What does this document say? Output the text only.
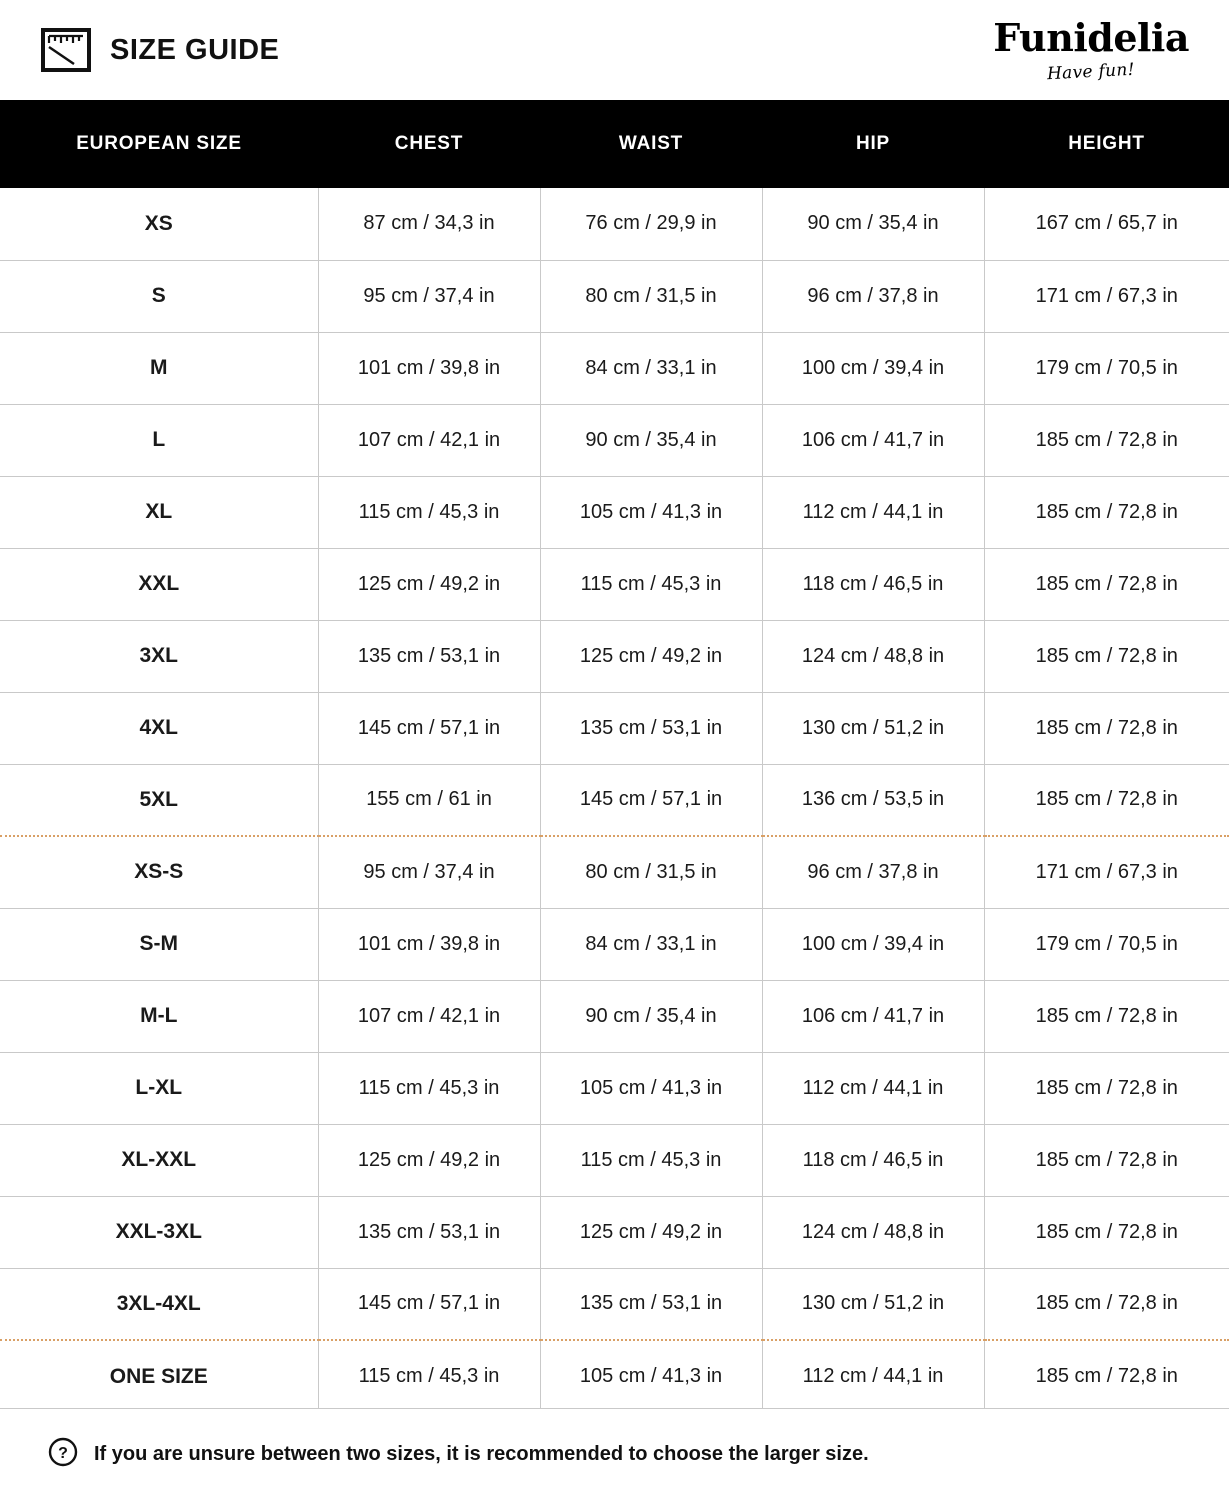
SIZE GUIDE	Funidelia
Have fun!
EUROPEAN SIZE	CHEST	WAIST	HIP	HEIGHT
XS	87 cm / 34,3 in	76 cm / 29,9 in	90 cm / 35,4 in	167 cm / 65,7 in
S	95 cm / 37,4 in	80 cm / 31,5 in	96 cm / 37,8 in	171 cm / 67,3 in
M	101 cm / 39,8 in	84 cm / 33,1 in	100 cm / 39,4 in	179 cm / 70,5 in
L	107 cm / 42,1 in	90 cm / 35,4 in	106 cm / 41,7 in	185 cm / 72,8 in
XL	115 cm / 45,3 in	105 cm / 41,3 in	112 cm / 44,1 in	185 cm / 72,8 in
XXL	125 cm / 49,2 in	115 cm / 45,3 in	118 cm / 46,5 in	185 cm / 72,8 in
3XL	135 cm / 53,1 in	125 cm / 49,2 in	124 cm / 48,8 in	185 cm / 72,8 in
4XL	145 cm / 57,1 in	135 cm / 53,1 in	130 cm / 51,2 in	185 cm / 72,8 in
5XL	155 cm / 61 in	145 cm / 57,1 in	136 cm / 53,5 in	185 cm / 72,8 in
XS-S	95 cm / 37,4 in	80 cm / 31,5 in	96 cm / 37,8 in	171 cm / 67,3 in
S-M	101 cm / 39,8 in	84 cm / 33,1 in	100 cm / 39,4 in	179 cm / 70,5 in
M-L	107 cm / 42,1 in	90 cm / 35,4 in	106 cm / 41,7 in	185 cm / 72,8 in
L-XL	115 cm / 45,3 in	105 cm / 41,3 in	112 cm / 44,1 in	185 cm / 72,8 in
XL-XXL	125 cm / 49,2 in	115 cm / 45,3 in	118 cm / 46,5 in	185 cm / 72,8 in
XXL-3XL	135 cm / 53,1 in	125 cm / 49,2 in	124 cm / 48,8 in	185 cm / 72,8 in
3XL-4XL	145 cm / 57,1 in	135 cm / 53,1 in	130 cm / 51,2 in	185 cm / 72,8 in
ONE SIZE	115 cm / 45,3 in	105 cm / 41,3 in	112 cm / 44,1 in	185 cm / 72,8 in
? If you are unsure between two sizes, it is recommended to choose the larger size.
